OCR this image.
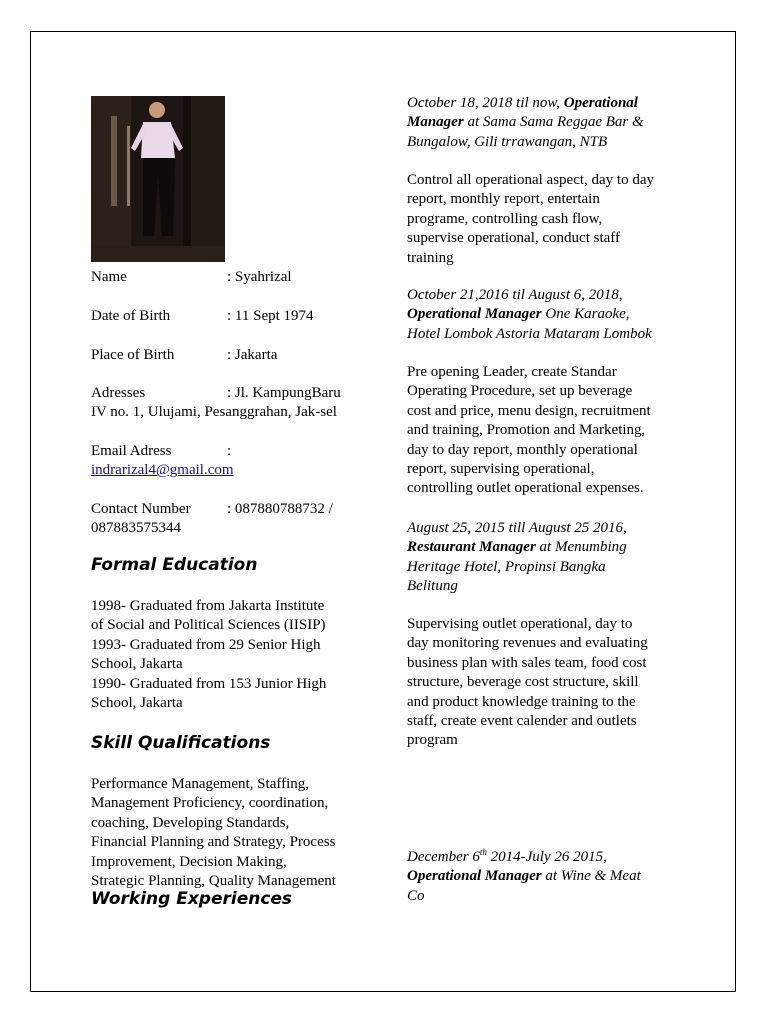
Name	: Syahrizal

Date of Birth	: 11 Sept 1974

Place of Birth	: Jakarta

Adresses	: Jl. KampungBaru
IV no. 1, Ulujami, Pesanggrahan, Jak-sel

Email Adress	:
indrarizal4@gmail.com

Contact Number : 087880788732 /
087883575344

Formal Education

1998- Graduated from Jakarta Institute
of Social and Political Sciences (IISIP)
1993- Graduated from 29 Senior High
School, Jakarta
1990- Graduated from 153 Junior High
School, Jakarta

Skill Qualifications

Performance Management, Staffing,
Management Proficiency, coordination,
coaching, Developing Standards,
Financial Planning and Strategy, Process
Improvement, Decision Making,
Strategic Planning, Quality Management

Working Experiences

October 18, 2018 til now, Operational
Manager at Sama Sama Reggae Bar &
Bungalow, Gili trrawangan, NTB

Control all operational aspect, day to day
report, monthly report, entertain
programe, controlling cash flow,
supervise operational, conduct staff
training

October 21,2016 til August 6, 2018,
Operational Manager One Karaoke,
Hotel Lombok Astoria Mataram Lombok

Pre opening Leader, create Standar
Operating Procedure, set up beverage
cost and price, menu design, recruitment
and training, Promotion and Marketing,
day to day report, monthly operational
report, supervising operational,
controlling outlet operational expenses.

August 25, 2015 till August 25 2016,
Restaurant Manager at Menumbing
Heritage Hotel, Propinsi Bangka
Belitung

Supervising outlet operational, day to
day monitoring revenues and evaluating
business plan with sales team, food cost
structure, beverage cost structure, skill
and product knowledge training to the
staff, create event calender and outlets
program

December 6th 2014-July 26 2015,
Operational Manager at Wine & Meat
Co
